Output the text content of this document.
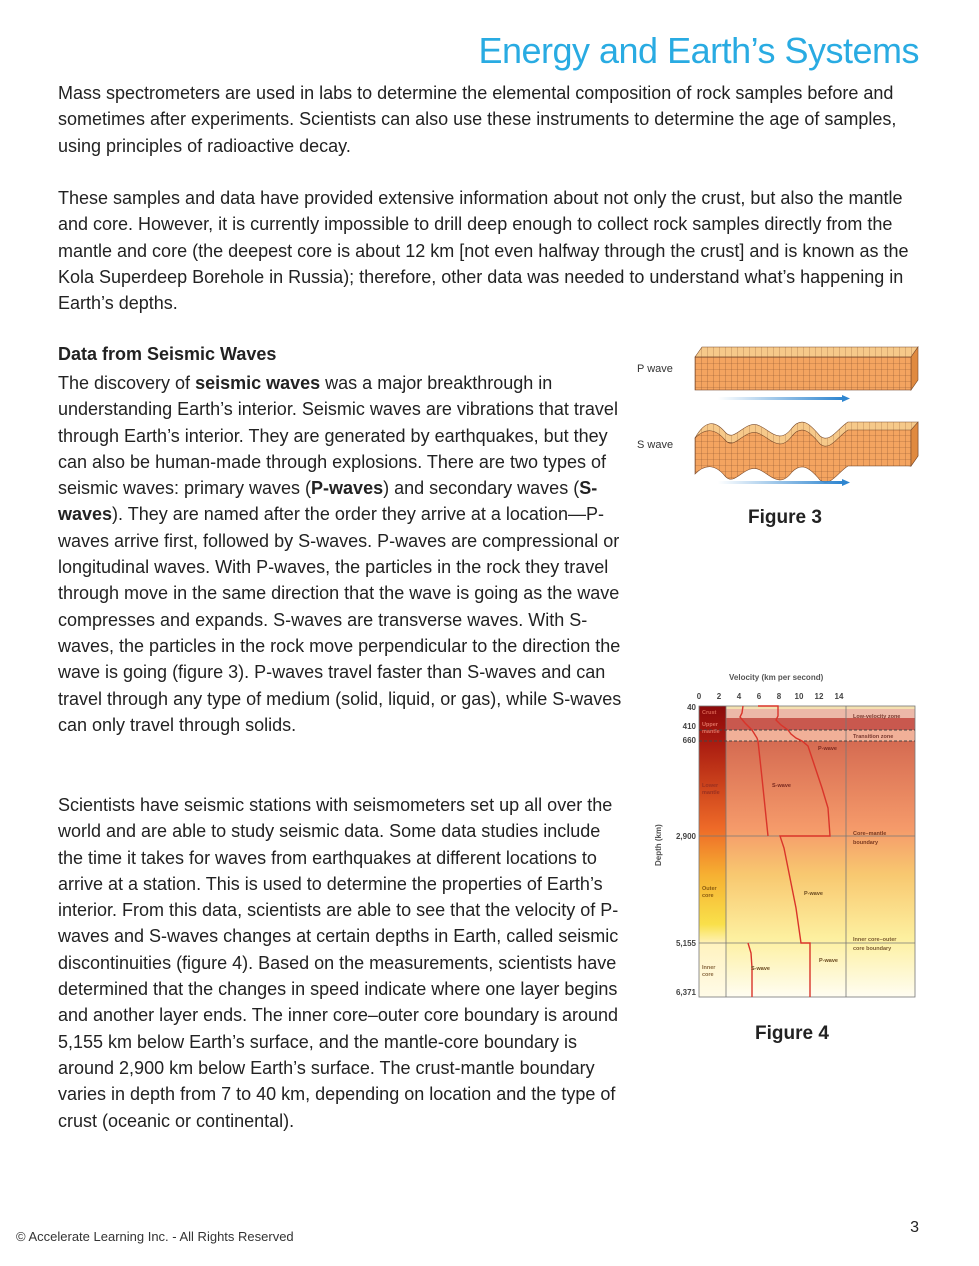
Energy and Earth’s Systems

Mass spectrometers are used in labs to determine the elemental composition of rock samples before and sometimes after experiments. Scientists can also use these instruments to determine the age of samples, using principles of radioactive decay.

These samples and data have provided extensive information about not only the crust, but also the mantle and core. However, it is currently impossible to drill deep enough to collect rock samples directly from the mantle and core (the deepest core is about 12 km [not even halfway through the crust] and is known as the Kola Superdeep Borehole in Russia); therefore, other data was needed to understand what’s happening in Earth’s depths.

Data from Seismic Waves

The discovery of seismic waves was a major breakthrough in understanding Earth’s interior. Seismic waves are vibrations that travel through Earth’s interior. They are generated by earthquakes, but they can also be human-made through explosions. There are two types of seismic waves: primary waves (P-waves) and secondary waves (S-waves). They are named after the order they arrive at a location—P-waves arrive first, followed by S-waves. P-waves are compressional or longitudinal waves. With P-waves, the particles in the rock they travel through move in the same direction that the wave is going as the wave compresses and expands. S-waves are transverse waves. With S-waves, the particles in the rock move perpendicular to the direction the wave is going (figure 3). P-waves travel faster than S-waves and can travel through any type of medium (solid, liquid, or gas), while S-waves can only travel through solids.

Scientists have seismic stations with seismometers set up all over the world and are able to study seismic data. Some data studies include the time it takes for waves from earthquakes at different locations to arrive at a station. This is used to determine the properties of Earth’s interior. From this data, scientists are able to see that the velocity of P-waves and S-waves changes at certain depths in Earth, called seismic discontinuities (figure 4). Based on the measurements, scientists have determined that the changes in speed indicate where one layer begins and another layer ends. The inner core–outer core boundary is around 5,155 km below Earth’s surface, and the mantle-core boundary is around 2,900 km below Earth’s surface. The crust-mantle boundary varies in depth from 7 to 40 km, depending on location and the type of crust (oceanic or continental).

P wave
S wave
Figure 3
Velocity (km per second)
0 2 4 6 8 10 12 14
40
410
660
2,900
5,155
6,371
Depth (km)
Crust
Upper
mantle
Lower
mantle
Outer
core
Inner
core
Low-velocity zone
Transition zone
Core–mantle
boundary
Inner core–outer
core boundary
P-wave
S-wave
P-wave
P-wave
S-wave
Figure 4
© Accelerate Learning Inc. - All Rights Reserved
3
